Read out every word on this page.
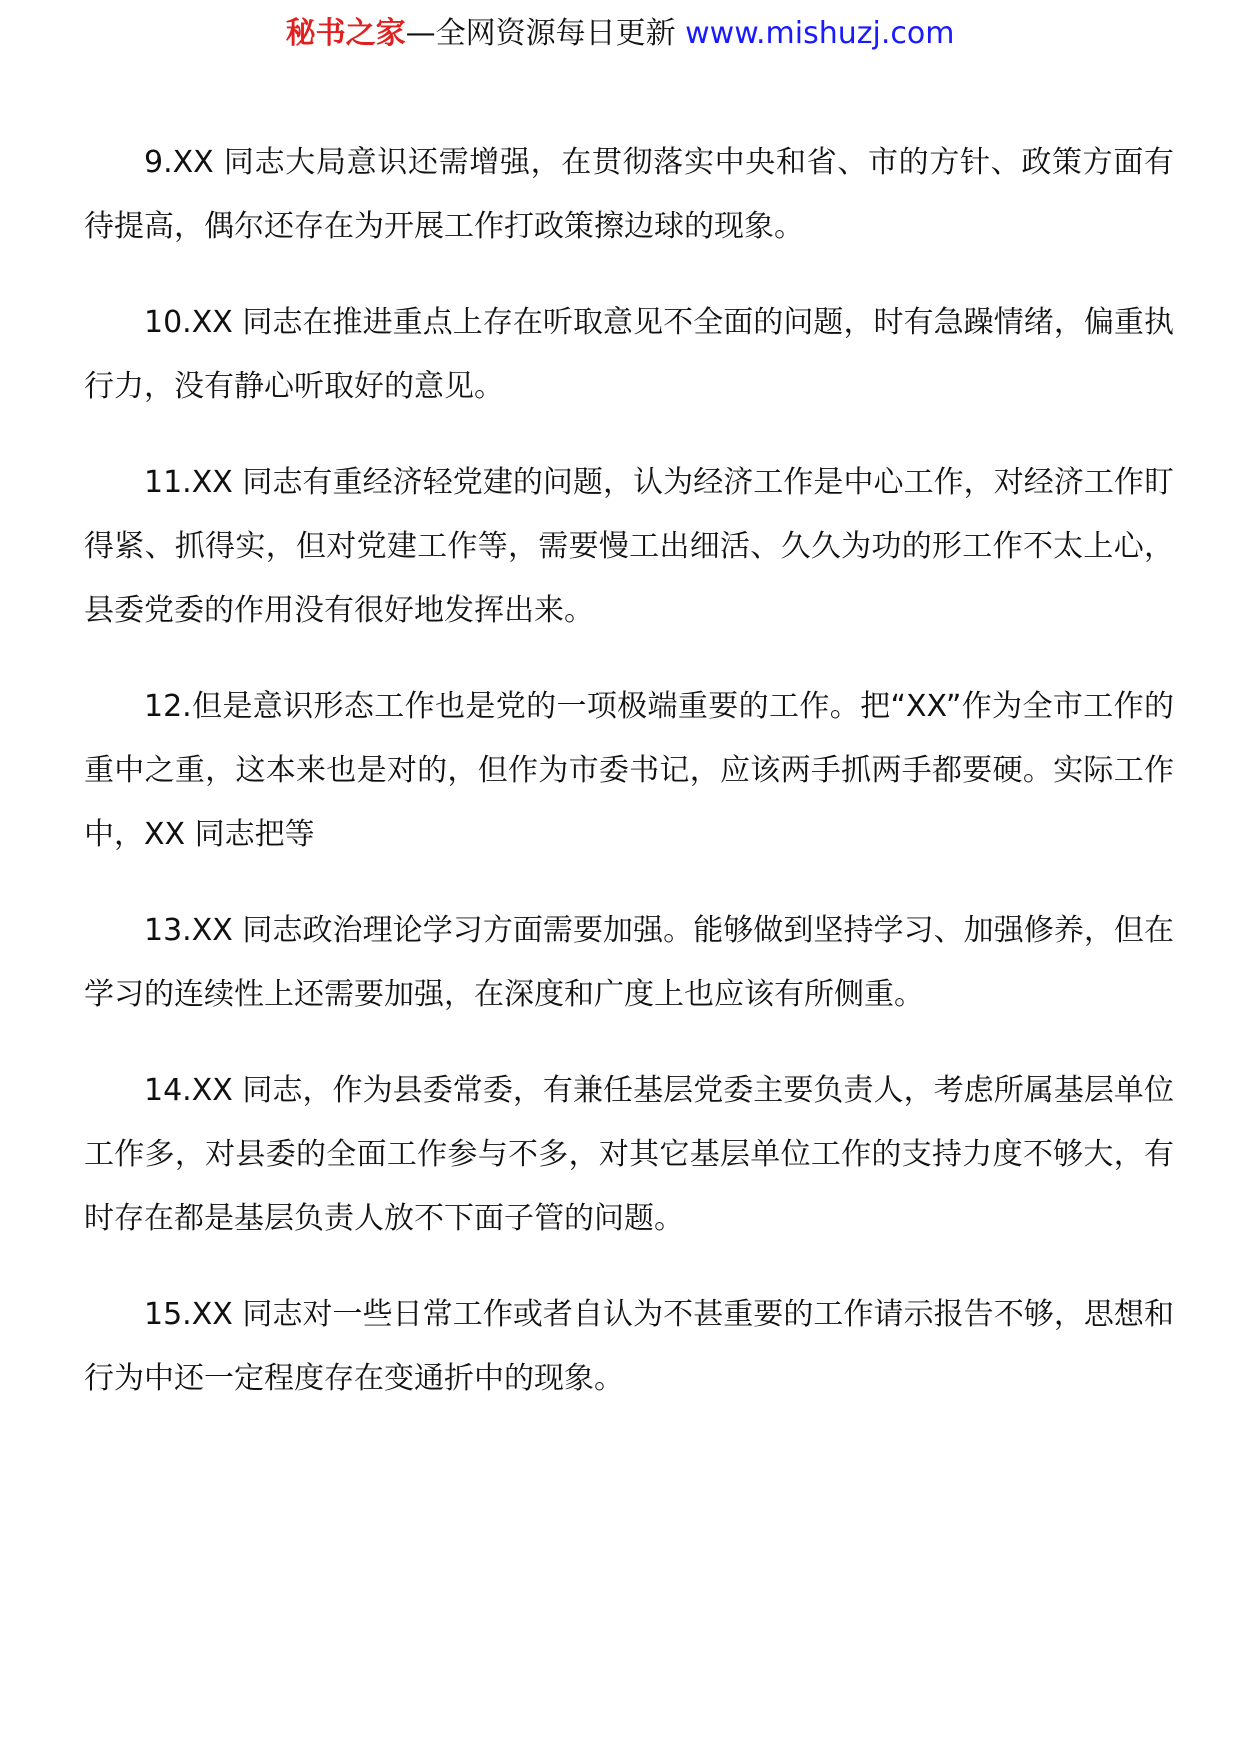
秘书之家—全网资源每日更新 www.mishuzj.com

9.XX 同志大局意识还需增强，在贯彻落实中央和省、市的方针、政策方面有待提高，偶尔还存在为开展工作打政策擦边球的现象。

10.XX 同志在推进重点上存在听取意见不全面的问题，时有急躁情绪，偏重执行力，没有静心听取好的意见。

11.XX 同志有重经济轻党建的问题，认为经济工作是中心工作，对经济工作盯得紧、抓得实，但对党建工作等，需要慢工出细活、久久为功的形工作不太上心，县委党委的作用没有很好地发挥出来。

12.但是意识形态工作也是党的一项极端重要的工作。把“XX”作为全市工作的重中之重，这本来也是对的，但作为市委书记，应该两手抓两手都要硬。实际工作中，XX 同志把等

13.XX 同志政治理论学习方面需要加强。能够做到坚持学习、加强修养，但在学习的连续性上还需要加强，在深度和广度上也应该有所侧重。

14.XX 同志，作为县委常委，有兼任基层党委主要负责人，考虑所属基层单位工作多，对县委的全面工作参与不多，对其它基层单位工作的支持力度不够大，有时存在都是基层负责人放不下面子管的问题。

15.XX 同志对一些日常工作或者自认为不甚重要的工作请示报告不够，思想和行为中还一定程度存在变通折中的现象。
